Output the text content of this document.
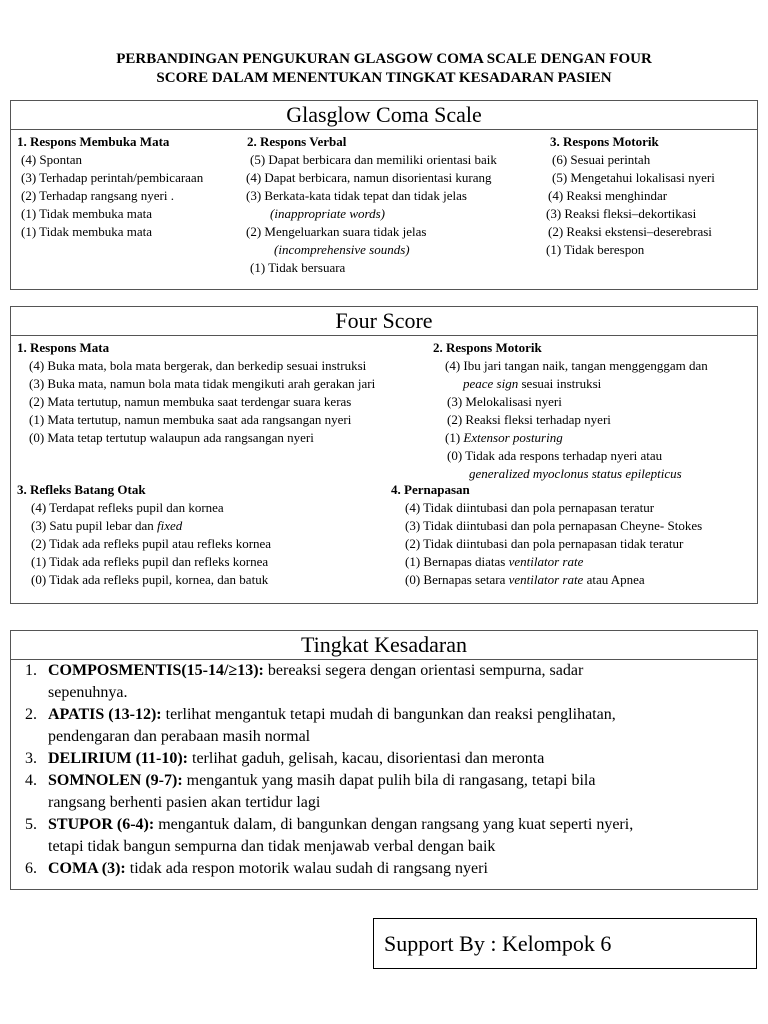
PERBANDINGAN PENGUKURAN GLASGOW COMA SCALE DENGAN FOUR
SCORE DALAM MENENTUKAN TINGKAT KESADARAN PASIEN
Glasglow Coma Scale
1. Respons Membuka Mata
(4) Spontan
(3) Terhadap perintah/pembicaraan
(2) Terhadap rangsang nyeri .
(1) Tidak membuka mata
(1) Tidak membuka mata
2. Respons Verbal
(5) Dapat berbicara dan memiliki orientasi baik
(4) Dapat berbicara, namun disorientasi kurang
(3) Berkata-kata tidak tepat dan tidak jelas
(inappropriate words)
(2) Mengeluarkan suara tidak jelas
(incomprehensive sounds)
(1) Tidak bersuara
3. Respons Motorik
(6) Sesuai perintah
(5) Mengetahui lokalisasi nyeri
(4) Reaksi menghindar
(3) Reaksi fleksi–dekortikasi
(2) Reaksi ekstensi–deserebrasi
(1) Tidak berespon
Four Score
1. Respons Mata
(4) Buka mata, bola mata bergerak, dan berkedip sesuai instruksi
(3) Buka mata, namun bola mata tidak mengikuti arah gerakan jari
(2) Mata tertutup, namun membuka saat terdengar suara keras
(1) Mata tertutup, namun membuka saat ada rangsangan nyeri
(0) Mata tetap tertutup walaupun ada rangsangan nyeri
2. Respons Motorik
(4) Ibu jari tangan naik, tangan menggenggam dan
peace sign sesuai instruksi
(3) Melokalisasi nyeri
(2) Reaksi fleksi terhadap nyeri
(1) Extensor posturing
(0) Tidak ada respons terhadap nyeri atau
generalized myoclonus status epilepticus
3. Refleks Batang Otak
(4) Terdapat refleks pupil dan kornea
(3) Satu pupil lebar dan fixed
(2) Tidak ada refleks pupil atau refleks kornea
(1) Tidak ada refleks pupil dan refleks kornea
(0) Tidak ada refleks pupil, kornea, dan batuk
4. Pernapasan
(4) Tidak diintubasi dan pola pernapasan teratur
(3) Tidak diintubasi dan pola pernapasan Cheyne- Stokes
(2) Tidak diintubasi dan pola pernapasan tidak teratur
(1) Bernapas diatas ventilator rate
(0) Bernapas setara ventilator rate atau Apnea
Tingkat Kesadaran
1. COMPOSMENTIS(15-14/≥13): bereaksi segera dengan orientasi sempurna, sadar
sepenuhnya.
2. APATIS (13-12): terlihat mengantuk tetapi mudah di bangunkan dan reaksi penglihatan,
pendengaran dan perabaan masih normal
3. DELIRIUM (11-10): terlihat gaduh, gelisah, kacau, disorientasi dan meronta
4. SOMNOLEN (9-7): mengantuk yang masih dapat pulih bila di rangasang, tetapi bila
rangsang berhenti pasien akan tertidur lagi
5. STUPOR (6-4): mengantuk dalam, di bangunkan dengan rangsang yang kuat seperti nyeri,
tetapi tidak bangun sempurna dan tidak menjawab verbal dengan baik
6. COMA (3): tidak ada respon motorik walau sudah di rangsang nyeri
Support By : Kelompok 6
